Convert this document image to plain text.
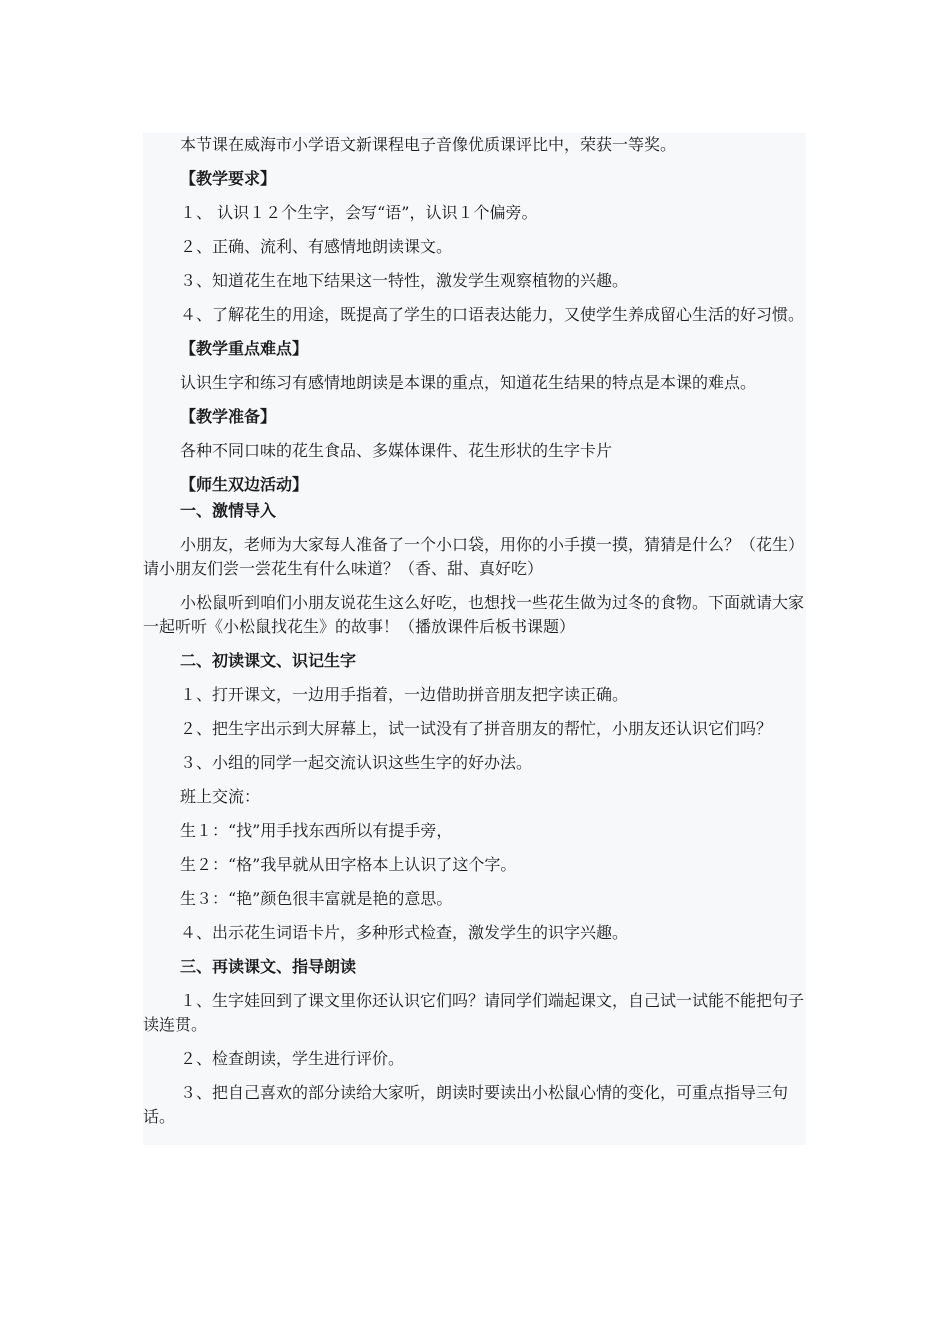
本节课在威海市小学语文新课程电子音像优质课评比中，荣获一等奖。

【教学要求】

１、 认识１２个生字，会写“语”，认识１个偏旁。

２、正确、流利、有感情地朗读课文。

３、知道花生在地下结果这一特性，激发学生观察植物的兴趣。

４、了解花生的用途，既提高了学生的口语表达能力，又使学生养成留心生活的好习惯。

【教学重点难点】

认识生字和练习有感情地朗读是本课的重点，知道花生结果的特点是本课的难点。

【教学准备】

各种不同口味的花生食品、多媒体课件、花生形状的生字卡片

【师生双边活动】

一、激情导入

小朋友，老师为大家每人准备了一个小口袋，用你的小手摸一摸，猜猜是什么？（花生）请小朋友们尝一尝花生有什么味道？（香、甜、真好吃）

小松鼠听到咱们小朋友说花生这么好吃，也想找一些花生做为过冬的食物。下面就请大家一起听听《小松鼠找花生》的故事！（播放课件后板书课题）

二、初读课文、识记生字

１、打开课文，一边用手指着，一边借助拼音朋友把字读正确。

２、把生字出示到大屏幕上，试一试没有了拼音朋友的帮忙，小朋友还认识它们吗？

３、小组的同学一起交流认识这些生字的好办法。

班上交流：

生１：“找”用手找东西所以有提手旁，

生２：“格”我早就从田字格本上认识了这个字。

生３：“艳”颜色很丰富就是艳的意思。

４、出示花生词语卡片，多种形式检查，激发学生的识字兴趣。

三、再读课文、指导朗读

１、生字娃回到了课文里你还认识它们吗？请同学们端起课文，自己试一试能不能把句子读连贯。

２、检查朗读，学生进行评价。

３、把自己喜欢的部分读给大家听，朗读时要读出小松鼠心情的变化，可重点指导三句话。
